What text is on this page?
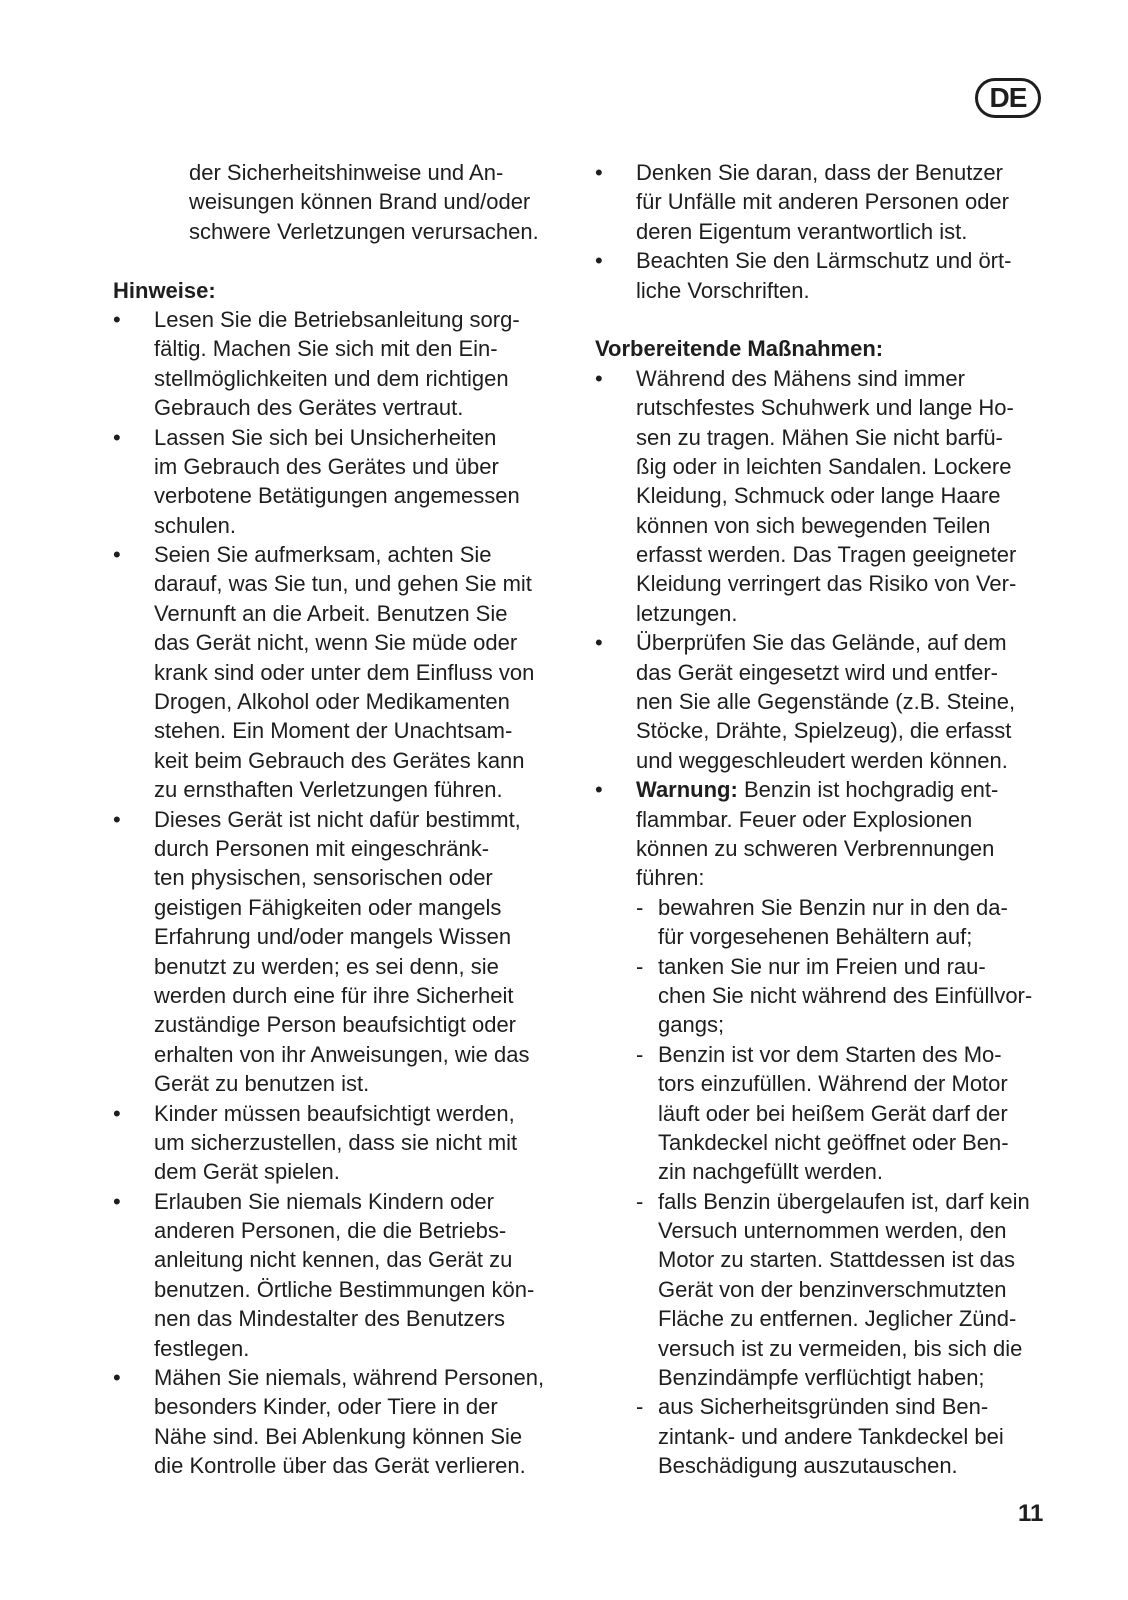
DE
der Sicherheitshinweise und An-
weisungen können Brand und/oder
schwere Verletzungen verursachen.
Hinweise:
• Lesen Sie die Betriebsanleitung sorg-
fältig. Machen Sie sich mit den Ein-
stellmöglichkeiten und dem richtigen
Gebrauch des Gerätes vertraut.
• Lassen Sie sich bei Unsicherheiten
im Gebrauch des Gerätes und über
verbotene Betätigungen angemessen
schulen.
• Seien Sie aufmerksam, achten Sie
darauf, was Sie tun, und gehen Sie mit
Vernunft an die Arbeit. Benutzen Sie
das Gerät nicht, wenn Sie müde oder
krank sind oder unter dem Einfluss von
Drogen, Alkohol oder Medikamenten
stehen. Ein Moment der Unachtsam-
keit beim Gebrauch des Gerätes kann
zu ernsthaften Verletzungen führen.
• Dieses Gerät ist nicht dafür bestimmt,
durch Personen mit eingeschränk-
ten physischen, sensorischen oder
geistigen Fähigkeiten oder mangels
Erfahrung und/oder mangels Wissen
benutzt zu werden; es sei denn, sie
werden durch eine für ihre Sicherheit
zuständige Person beaufsichtigt oder
erhalten von ihr Anweisungen, wie das
Gerät zu benutzen ist.
• Kinder müssen beaufsichtigt werden,
um sicherzustellen, dass sie nicht mit
dem Gerät spielen.
• Erlauben Sie niemals Kindern oder
anderen Personen, die die Betriebs-
anleitung nicht kennen, das Gerät zu
benutzen. Örtliche Bestimmungen kön-
nen das Mindestalter des Benutzers
festlegen.
• Mähen Sie niemals, während Personen,
besonders Kinder, oder Tiere in der
Nähe sind. Bei Ablenkung können Sie
die Kontrolle über das Gerät verlieren.
• Denken Sie daran, dass der Benutzer
für Unfälle mit anderen Personen oder
deren Eigentum verantwortlich ist.
• Beachten Sie den Lärmschutz und ört-
liche Vorschriften.
Vorbereitende Maßnahmen:
• Während des Mähens sind immer
rutschfestes Schuhwerk und lange Ho-
sen zu tragen. Mähen Sie nicht barfü-
ßig oder in leichten Sandalen. Lockere
Kleidung, Schmuck oder lange Haare
können von sich bewegenden Teilen
erfasst werden. Das Tragen geeigneter
Kleidung verringert das Risiko von Ver-
letzungen.
• Überprüfen Sie das Gelände, auf dem
das Gerät eingesetzt wird und entfer-
nen Sie alle Gegenstände (z.B. Steine,
Stöcke, Drähte, Spielzeug), die erfasst
und weggeschleudert werden können.
• Warnung: Benzin ist hochgradig ent-
flammbar. Feuer oder Explosionen
können zu schweren Verbrennungen
führen:
- bewahren Sie Benzin nur in den da-
für vorgesehenen Behältern auf;
- tanken Sie nur im Freien und rau-
chen Sie nicht während des Einfüllvor-
gangs;
- Benzin ist vor dem Starten des Mo-
tors einzufüllen. Während der Motor
läuft oder bei heißem Gerät darf der
Tankdeckel nicht geöffnet oder Ben-
zin nachgefüllt werden.
- falls Benzin übergelaufen ist, darf kein
Versuch unternommen werden, den
Motor zu starten. Stattdessen ist das
Gerät von der benzinverschmutzten
Fläche zu entfernen. Jeglicher Zünd-
versuch ist zu vermeiden, bis sich die
Benzindämpfe verflüchtigt haben;
- aus Sicherheitsgründen sind Ben-
zintank- und andere Tankdeckel bei
Beschädigung auszutauschen.
11
